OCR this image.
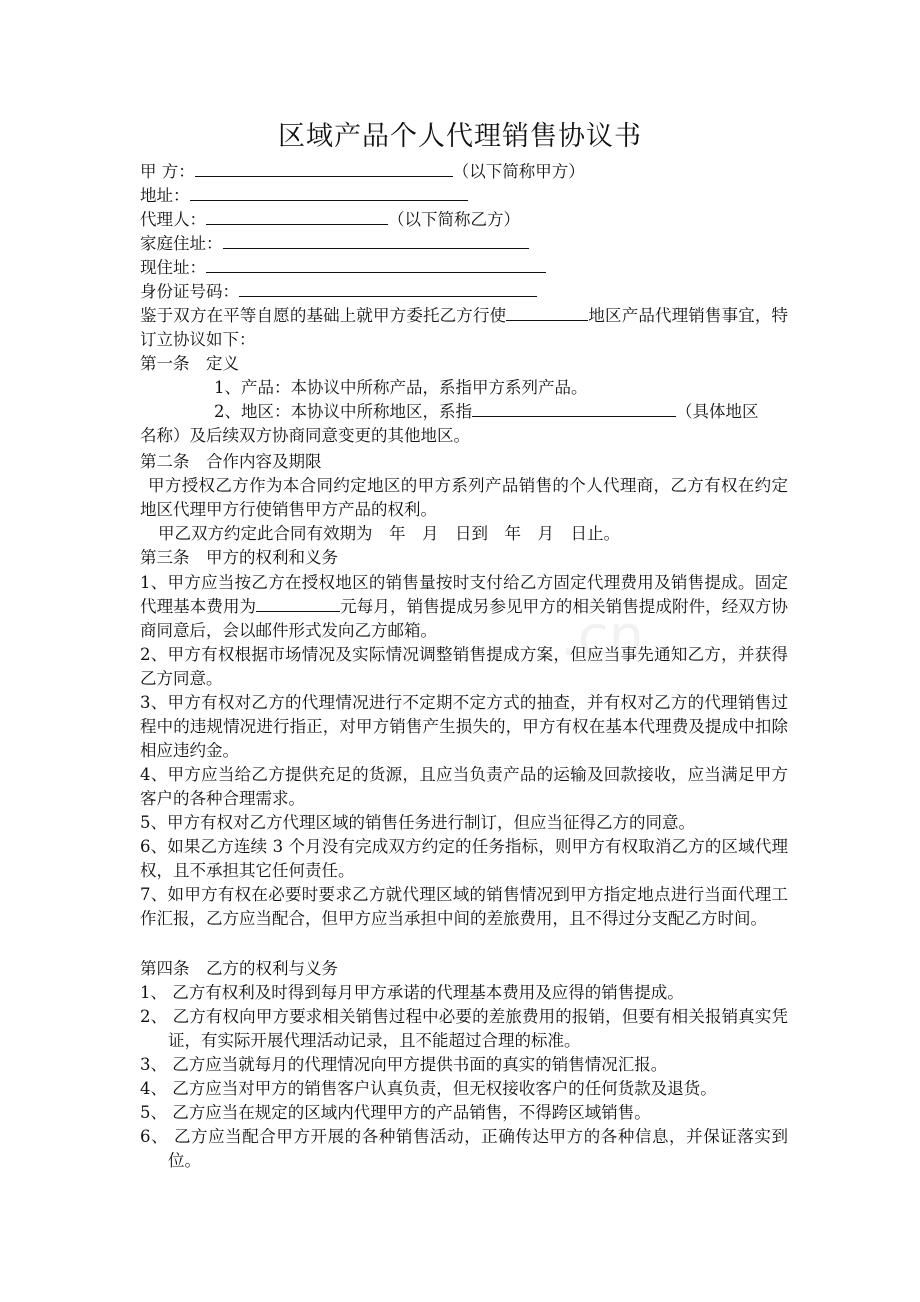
.cn
区域产品个人代理销售协议书
甲 方：	（以下简称甲方）
地址：
代理人：	（以下简称乙方）
家庭住址：
现住址：
身份证号码：
鉴于双方在平等自愿的基础上就甲方委托乙方行使	地区产品代理销售事宜，特订立协议如下：
第一条　定义
1、产品：本协议中所称产品，系指甲方系列产品。
2、地区：本协议中所称地区，系指	（具体地区
名称）及后续双方协商同意变更的其他地区。
第二条　合作内容及期限
甲方授权乙方作为本合同约定地区的甲方系列产品销售的个人代理商，乙方有权在约定地区代理甲方行使销售甲方产品的权利。
甲乙双方约定此合同有效期为　年　月　日到　年　月　日止。
第三条　甲方的权利和义务
1、甲方应当按乙方在授权地区的销售量按时支付给乙方固定代理费用及销售提成。固定代理基本费用为	元每月，销售提成另参见甲方的相关销售提成附件，经双方协商同意后，会以邮件形式发向乙方邮箱。
2、甲方有权根据市场情况及实际情况调整销售提成方案，但应当事先通知乙方，并获得乙方同意。
3、甲方有权对乙方的代理情况进行不定期不定方式的抽查，并有权对乙方的代理销售过程中的违规情况进行指正，对甲方销售产生损失的，甲方有权在基本代理费及提成中扣除相应违约金。
4、甲方应当给乙方提供充足的货源，且应当负责产品的运输及回款接收，应当满足甲方客户的各种合理需求。
5、甲方有权对乙方代理区域的销售任务进行制订，但应当征得乙方的同意。
6、如果乙方连续 3 个月没有完成双方约定的任务指标，则甲方有权取消乙方的区域代理权，且不承担其它任何责任。
7、如甲方有权在必要时要求乙方就代理区域的销售情况到甲方指定地点进行当面代理工作汇报，乙方应当配合，但甲方应当承担中间的差旅费用，且不得过分支配乙方时间。
第四条　乙方的权利与义务
1、 乙方有权利及时得到每月甲方承诺的代理基本费用及应得的销售提成。
2、 乙方有权向甲方要求相关销售过程中必要的差旅费用的报销，但要有相关报销真实凭证，有实际开展代理活动记录，且不能超过合理的标准。
3、 乙方应当就每月的代理情况向甲方提供书面的真实的销售情况汇报。
4、 乙方应当对甲方的销售客户认真负责，但无权接收客户的任何货款及退货。
5、 乙方应当在规定的区域内代理甲方的产品销售，不得跨区域销售。
6、 乙方应当配合甲方开展的各种销售活动，正确传达甲方的各种信息，并保证落实到位。
